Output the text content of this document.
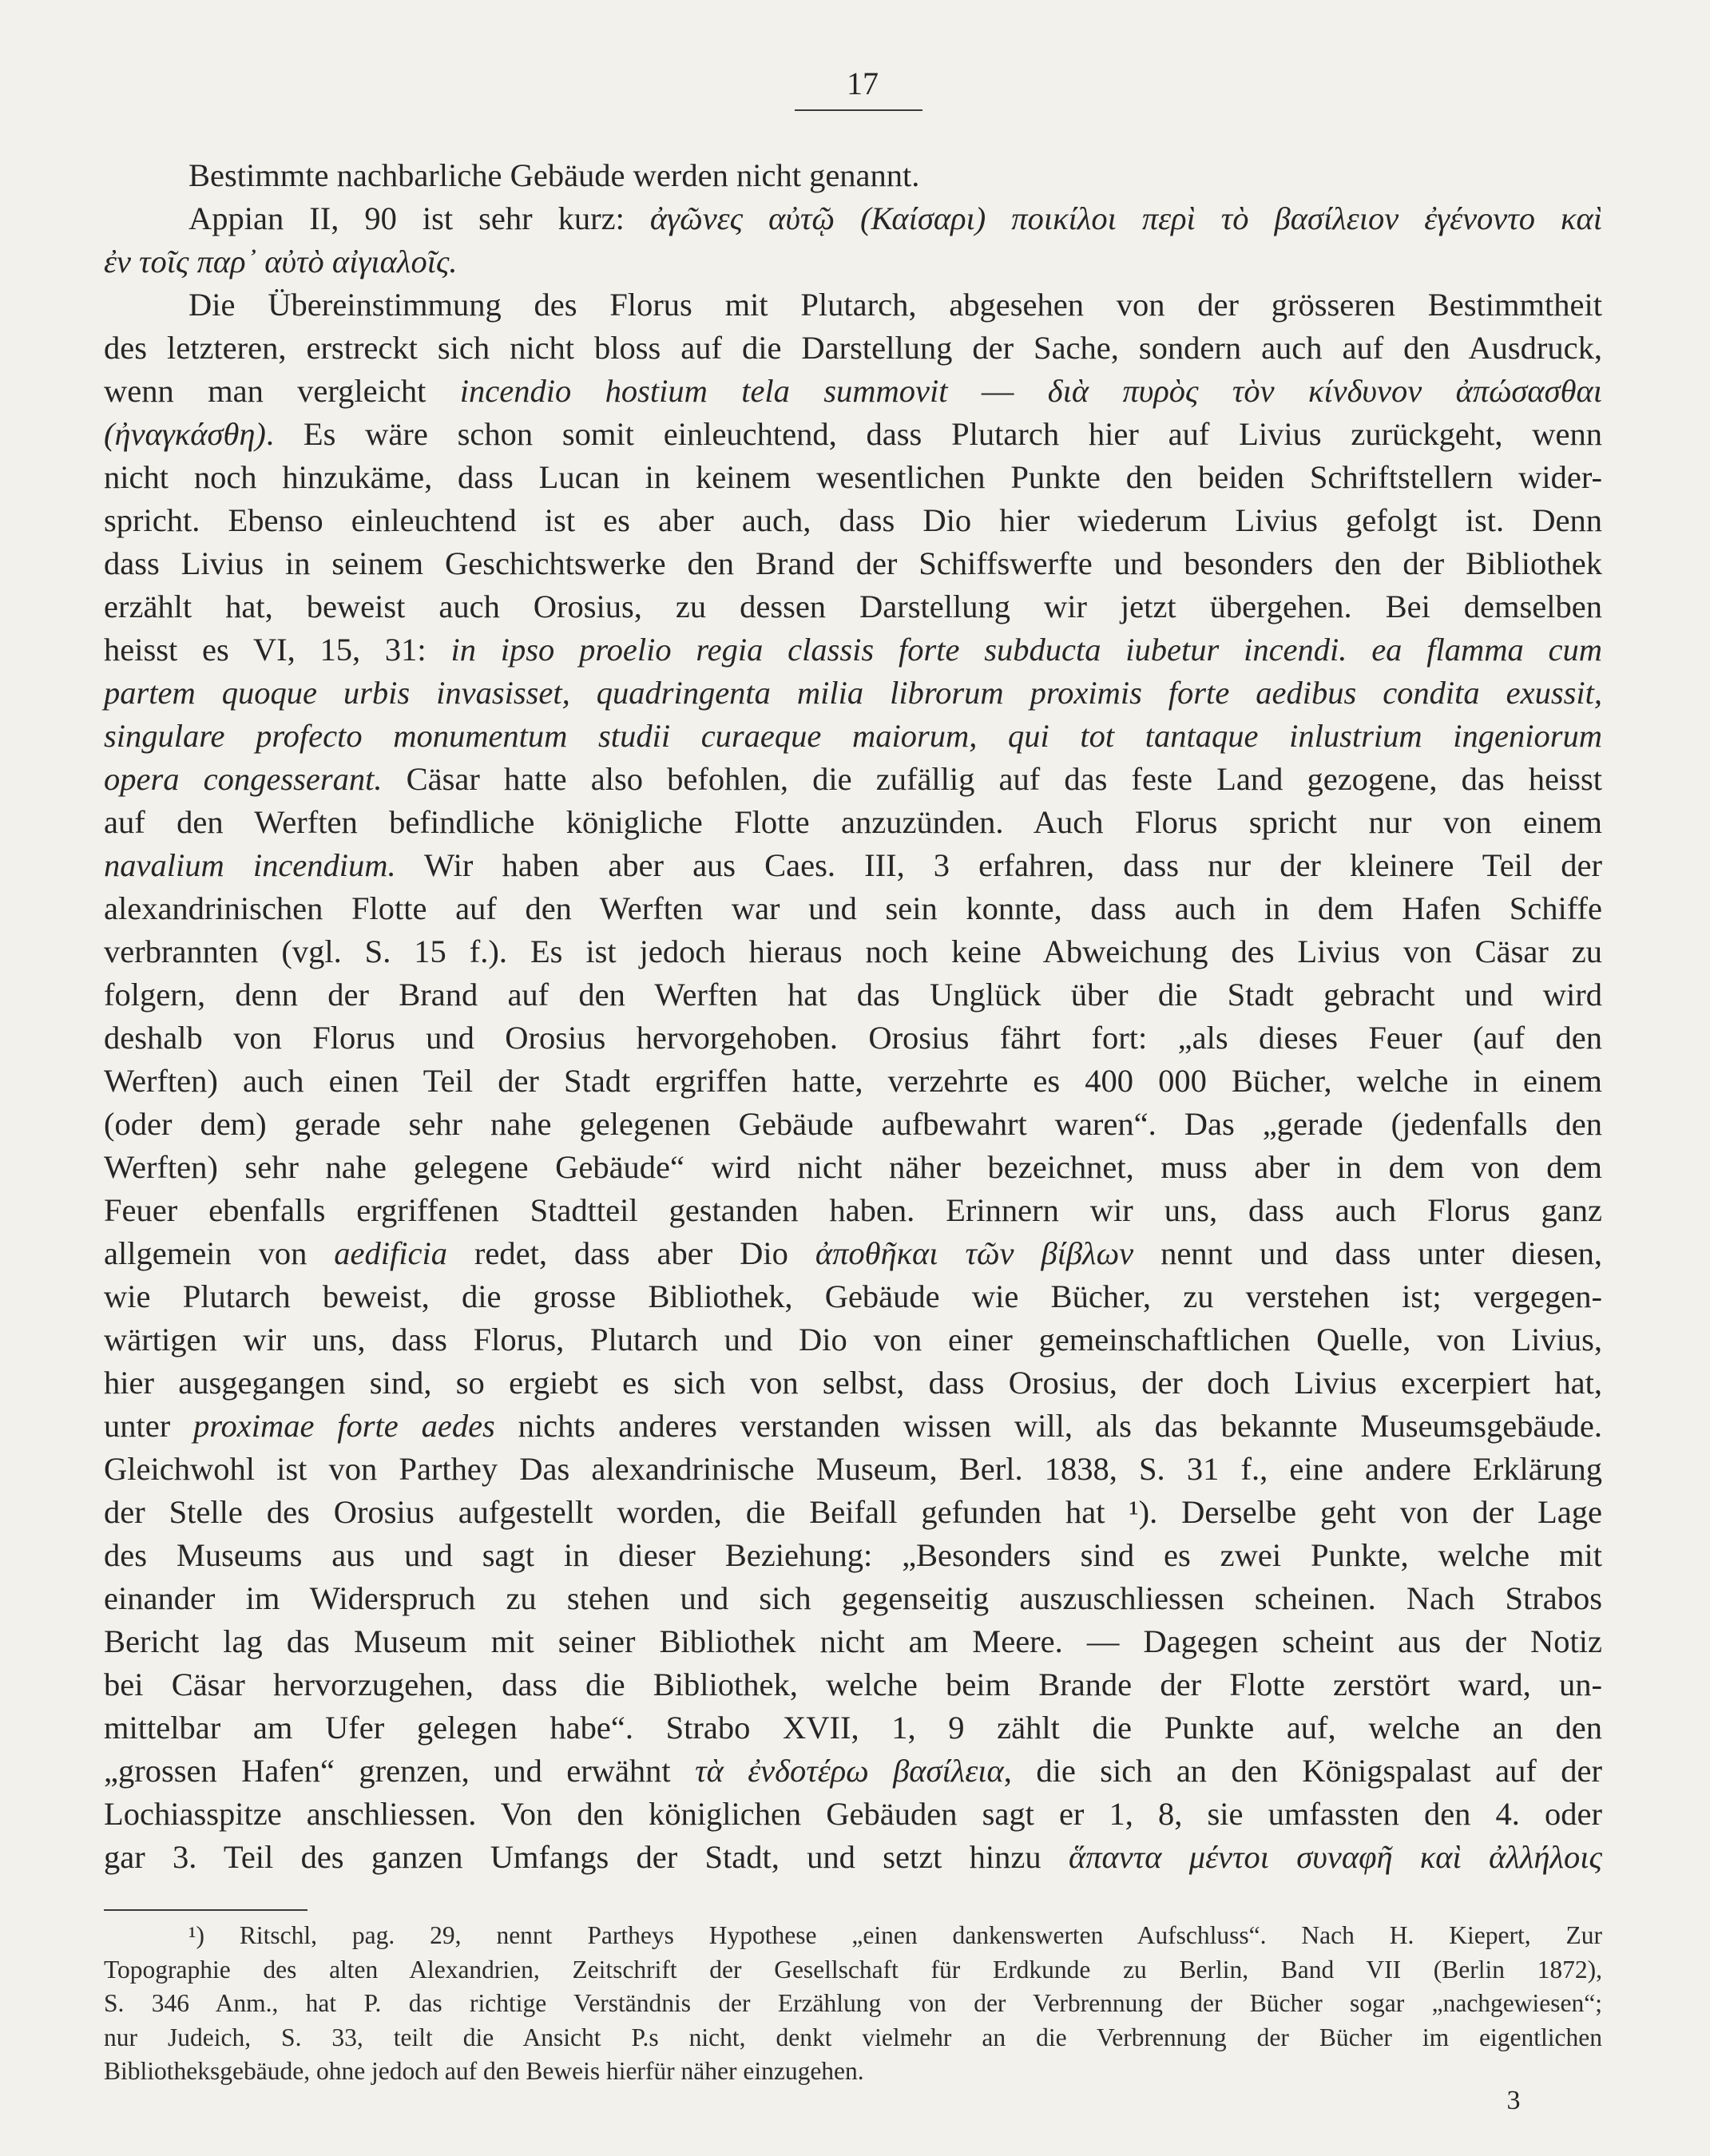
17
Bestimmte nachbarliche Gebäude werden nicht genannt.
Appian II, 90 ist sehr kurz: ἀγῶνες αὐτῷ (Καίσαρι) ποικίλοι περὶ τὸ βασίλειον ἐγένοντο καὶ
ἐν τοῖς παρ᾽ αὐτὸ αἰγιαλοῖς.
Die Übereinstimmung des Florus mit Plutarch, abgesehen von der grösseren Bestimmtheit
des letzteren, erstreckt sich nicht bloss auf die Darstellung der Sache, sondern auch auf den Ausdruck,
wenn man vergleicht incendio hostium tela summovit — διὰ πυρὸς τὸν κίνδυνον ἀπώσασθαι
(ἠναγκάσθη). Es wäre schon somit einleuchtend, dass Plutarch hier auf Livius zurückgeht, wenn
nicht noch hinzukäme, dass Lucan in keinem wesentlichen Punkte den beiden Schriftstellern wider-
spricht. Ebenso einleuchtend ist es aber auch, dass Dio hier wiederum Livius gefolgt ist. Denn
dass Livius in seinem Geschichtswerke den Brand der Schiffswerfte und besonders den der Bibliothek
erzählt hat, beweist auch Orosius, zu dessen Darstellung wir jetzt übergehen. Bei demselben
heisst es VI, 15, 31: in ipso proelio regia classis forte subducta iubetur incendi. ea flamma cum
partem quoque urbis invasisset, quadringenta milia librorum proximis forte aedibus condita exussit,
singulare profecto monumentum studii curaeque maiorum, qui tot tantaque inlustrium ingeniorum
opera congesserant. Cäsar hatte also befohlen, die zufällig auf das feste Land gezogene, das heisst
auf den Werften befindliche königliche Flotte anzuzünden. Auch Florus spricht nur von einem
navalium incendium. Wir haben aber aus Caes. III, 3 erfahren, dass nur der kleinere Teil der
alexandrinischen Flotte auf den Werften war und sein konnte, dass auch in dem Hafen Schiffe
verbrannten (vgl. S. 15 f.). Es ist jedoch hieraus noch keine Abweichung des Livius von Cäsar zu
folgern, denn der Brand auf den Werften hat das Unglück über die Stadt gebracht und wird
deshalb von Florus und Orosius hervorgehoben. Orosius fährt fort: „als dieses Feuer (auf den
Werften) auch einen Teil der Stadt ergriffen hatte, verzehrte es 400 000 Bücher, welche in einem
(oder dem) gerade sehr nahe gelegenen Gebäude aufbewahrt waren“. Das „gerade (jedenfalls den
Werften) sehr nahe gelegene Gebäude“ wird nicht näher bezeichnet, muss aber in dem von dem
Feuer ebenfalls ergriffenen Stadtteil gestanden haben. Erinnern wir uns, dass auch Florus ganz
allgemein von aedificia redet, dass aber Dio ἀποθῆκαι τῶν βίβλων nennt und dass unter diesen,
wie Plutarch beweist, die grosse Bibliothek, Gebäude wie Bücher, zu verstehen ist; vergegen-
wärtigen wir uns, dass Florus, Plutarch und Dio von einer gemeinschaftlichen Quelle, von Livius,
hier ausgegangen sind, so ergiebt es sich von selbst, dass Orosius, der doch Livius excerpiert hat,
unter proximae forte aedes nichts anderes verstanden wissen will, als das bekannte Museumsgebäude.
Gleichwohl ist von Parthey Das alexandrinische Museum, Berl. 1838, S. 31 f., eine andere Erklärung
der Stelle des Orosius aufgestellt worden, die Beifall gefunden hat ¹). Derselbe geht von der Lage
des Museums aus und sagt in dieser Beziehung: „Besonders sind es zwei Punkte, welche mit
einander im Widerspruch zu stehen und sich gegenseitig auszuschliessen scheinen. Nach Strabos
Bericht lag das Museum mit seiner Bibliothek nicht am Meere. — Dagegen scheint aus der Notiz
bei Cäsar hervorzugehen, dass die Bibliothek, welche beim Brande der Flotte zerstört ward, un-
mittelbar am Ufer gelegen habe“. Strabo XVII, 1, 9 zählt die Punkte auf, welche an den
„grossen Hafen“ grenzen, und erwähnt τὰ ἐνδοτέρω βασίλεια, die sich an den Königspalast auf der
Lochiasspitze anschliessen. Von den königlichen Gebäuden sagt er 1, 8, sie umfassten den 4. oder
gar 3. Teil des ganzen Umfangs der Stadt, und setzt hinzu ἅπαντα μέντοι συναφῆ καὶ ἀλλήλοις
¹) Ritschl, pag. 29, nennt Partheys Hypothese „einen dankenswerten Aufschluss“. Nach H. Kiepert, Zur
Topographie des alten Alexandrien, Zeitschrift der Gesellschaft für Erdkunde zu Berlin, Band VII (Berlin 1872),
S. 346 Anm., hat P. das richtige Verständnis der Erzählung von der Verbrennung der Bücher sogar „nachgewiesen“;
nur Judeich, S. 33, teilt die Ansicht P.s nicht, denkt vielmehr an die Verbrennung der Bücher im eigentlichen
Bibliotheksgebäude, ohne jedoch auf den Beweis hierfür näher einzugehen.
3
